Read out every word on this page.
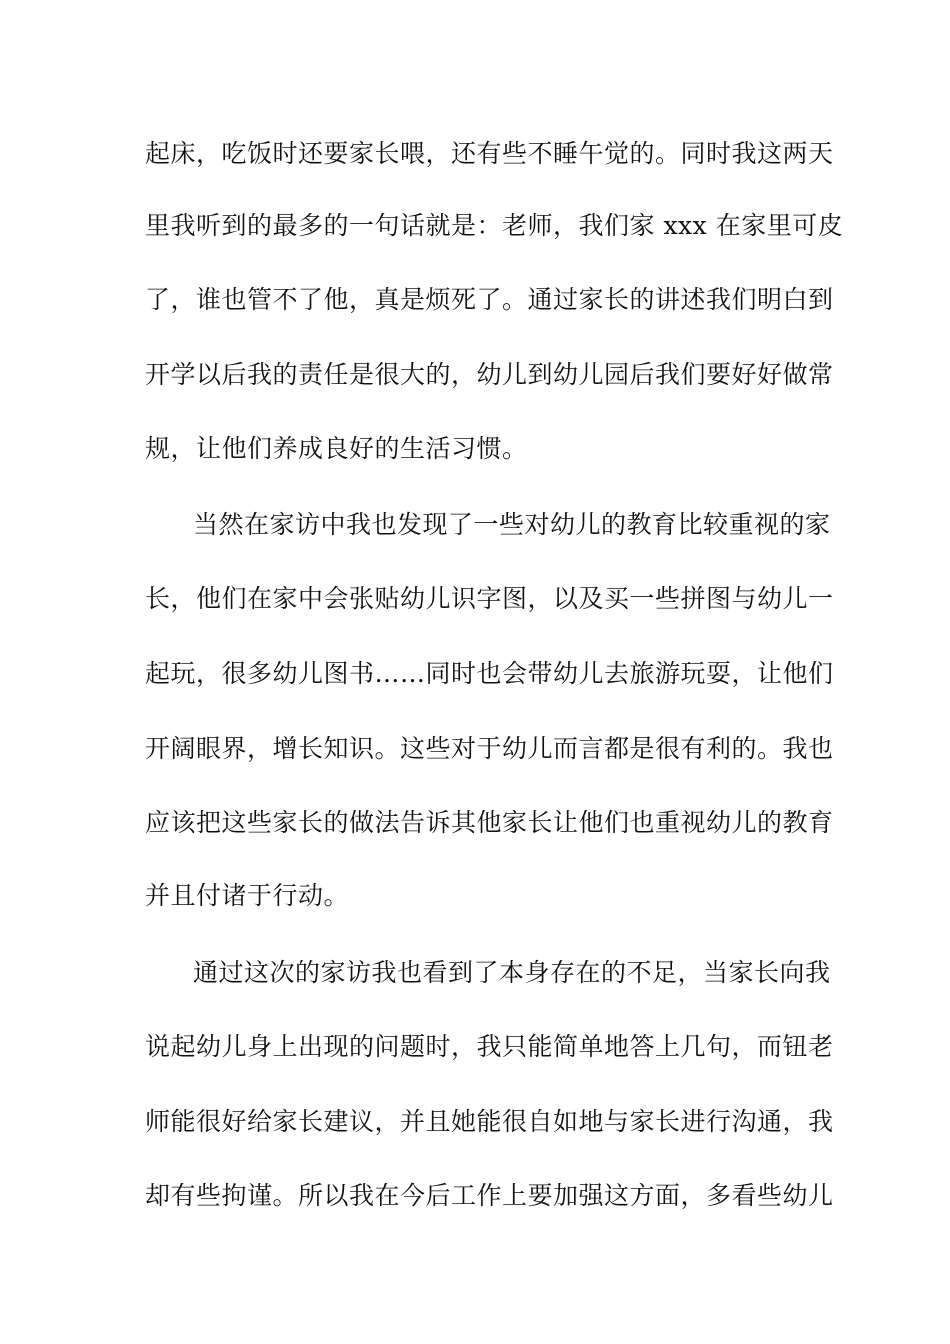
起床，吃饭时还要家长喂，还有些不睡午觉的。同时我这两天
里我听到的最多的一句话就是：老师，我们家 xxx 在家里可皮
了，谁也管不了他，真是烦死了。通过家长的讲述我们明白到
开学以后我的责任是很大的，幼儿到幼儿园后我们要好好做常
规，让他们养成良好的生活习惯。
当然在家访中我也发现了一些对幼儿的教育比较重视的家
长，他们在家中会张贴幼儿识字图，以及买一些拼图与幼儿一
起玩，很多幼儿图书……同时也会带幼儿去旅游玩耍，让他们
开阔眼界，增长知识。这些对于幼儿而言都是很有利的。我也
应该把这些家长的做法告诉其他家长让他们也重视幼儿的教育
并且付诸于行动。
通过这次的家访我也看到了本身存在的不足，当家长向我
说起幼儿身上出现的问题时，我只能简单地答上几句，而钮老
师能很好给家长建议，并且她能很自如地与家长进行沟通，我
却有些拘谨。所以我在今后工作上要加强这方面，多看些幼儿
